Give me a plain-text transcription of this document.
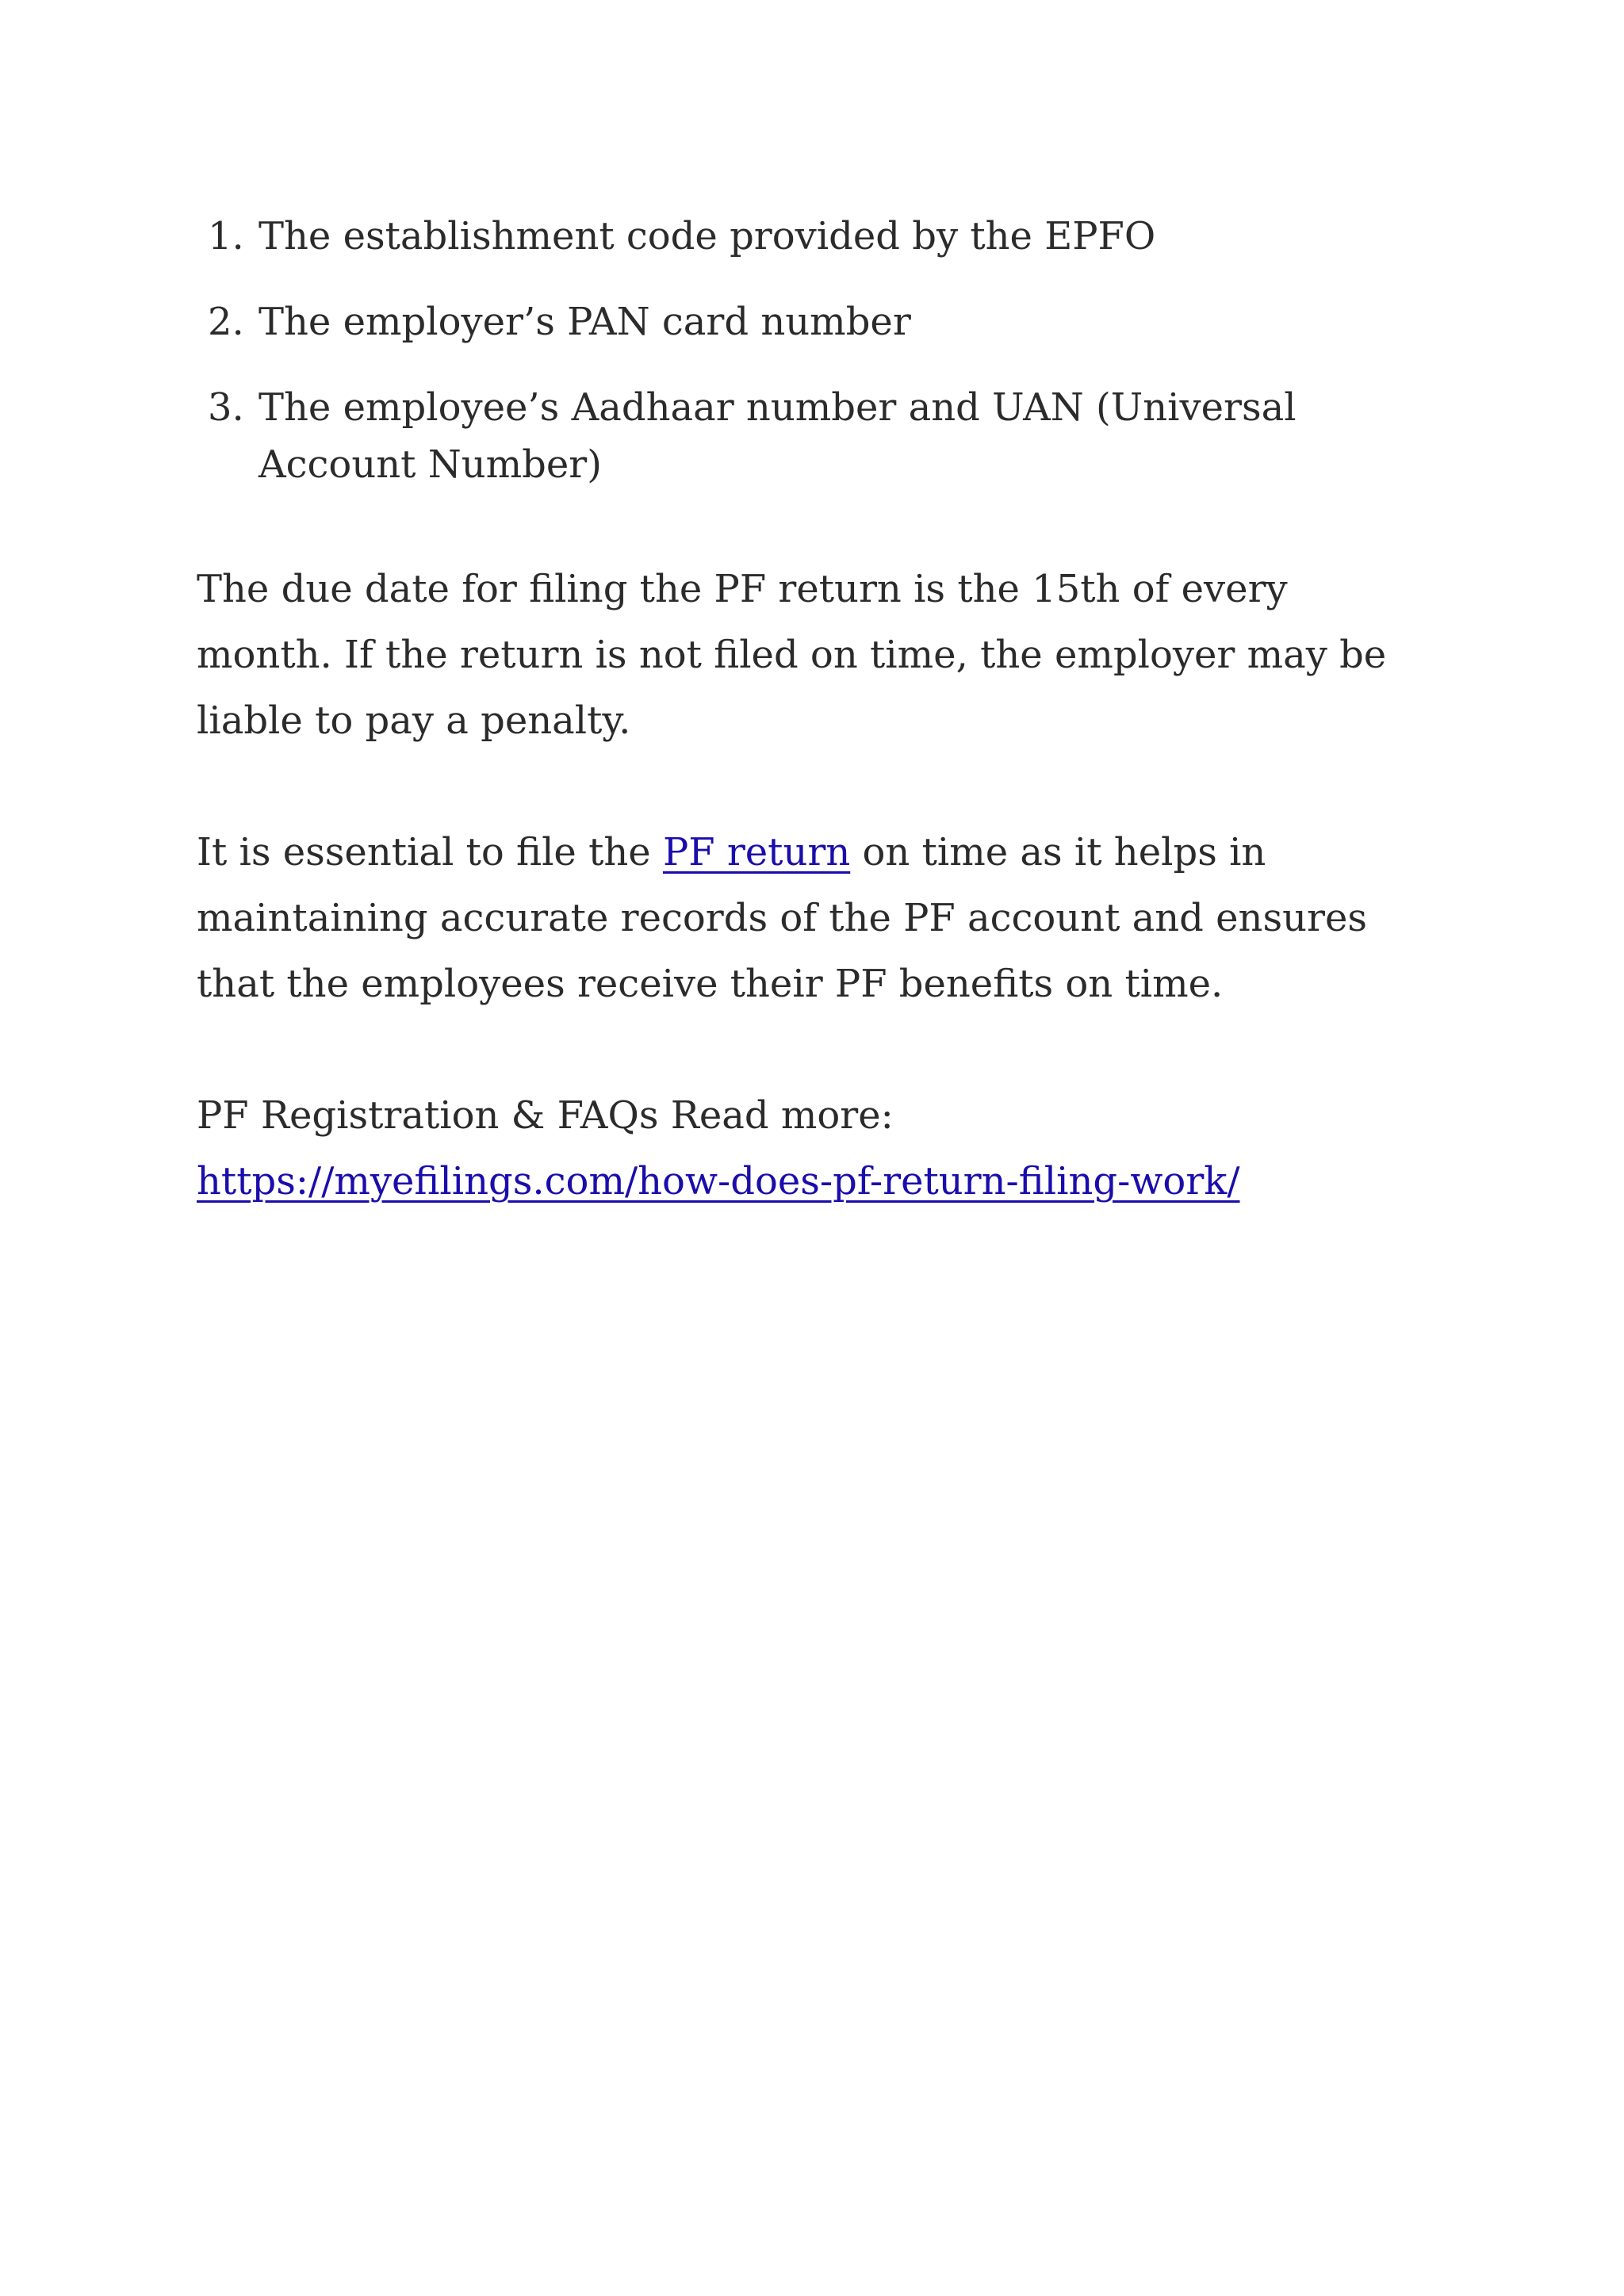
1. The establishment code provided by the EPFO
2. The employer’s PAN card number
3. The employee’s Aadhaar number and UAN (Universal Account Number)

The due date for filing the PF return is the 15th of every month. If the return is not filed on time, the employer may be liable to pay a penalty.

It is essential to file the PF return on time as it helps in maintaining accurate records of the PF account and ensures that the employees receive their PF benefits on time.

PF Registration & FAQs Read more: https://myefilings.com/how-does-pf-return-filing-work/
